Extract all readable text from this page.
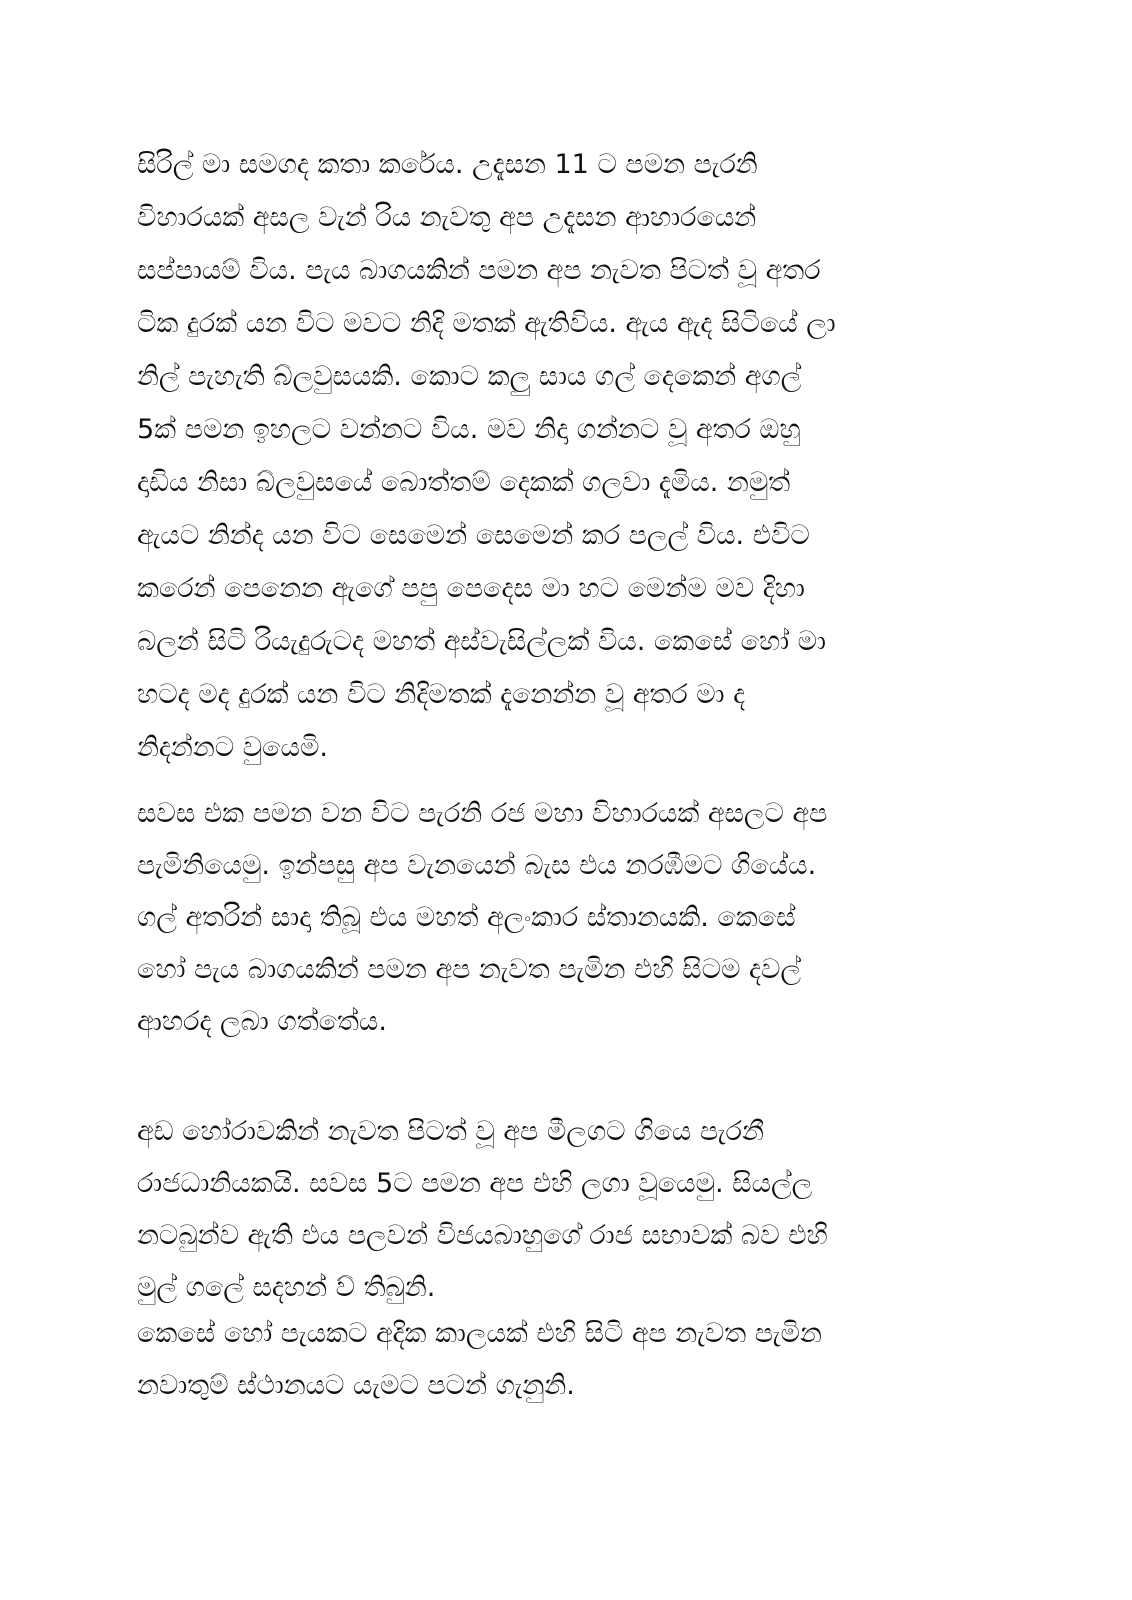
සිරිල් මා සමගද කතා කරේය. උදැසන 11 ට පමන පැරනි
විහාරයක් අසල වැන් රිය නැවතු අප උදැසන ආහාරයෙන්
සප්පායම් විය. පැය බාගයකින් පමන අප නැවත පිටත් වූ අතර
ටික දුරක් යන විට මවට නිදි මතක් ඇතිවිය. ඇය ඇද සිටියේ ලා
නිල් පැහැති බ්ලවුසයකි. කොට කලු සාය ගල් දෙකෙන් අගල්
5ක් පමන ඉහලට වන්නට විය. මව නිදා ගන්නට වූ අතර ඔහු
දාඩිය නිසා බ්ලවුසයේ බොත්තම් දෙකක් ගලවා දැමිය. නමුත්
ඇයට නින්ද යන විට සෙමෙන් සෙමෙන් කර පලල් විය. එවිට
කරෙන් පෙනෙන ඇගේ පපු පෙදෙස මා හට මෙන්ම මව දිහා
බලන් සිටි රියැදුරුටද මහත් අස්වැසිල්ලක් විය. කෙසේ හෝ මා
හටද මද දුරක් යන විට නිදිමතක් දැනෙන්න වූ අතර මා ද
නිදන්නට වුයෙමි.

සවස එක පමන වන විට පැරනි රජ මහා විහාරයක් අසලට අප
පැමිනියෙමු. ඉන්පසු අප වැනයෙන් බැස එය නරඹීමට ගියේය.
ගල් අතරින් සාදා තිබූ එය මහත් අලංකාර ස්තානයකි. කෙසේ
හෝ පැය බාගයකින් පමන අප නැවත පැමින එහි සිටම දවල්
ආහරද ලබා ගත්තේය.

අඩ හෝරාවකින් නැවත පිටත් වූ අප මීලගට ගියෙ පැරනී
රාජධානියකයි. සවස 5ට පමන අප එහි ලගා වූයෙමු. සියල්ල
නටබුන්ව ඇති එය පලවන් විජයබාහුගේ රාජ සභාවක් බව එහි
මුල් ගලේ සදහන් ව් තිබුනි.

කෙසේ හෝ පැයකට අදික කාලයක් එහි සිටි අප නැවත පැමින
නවාතුම් ස්ථානයට යැමට පටන් ගැනුනි.
